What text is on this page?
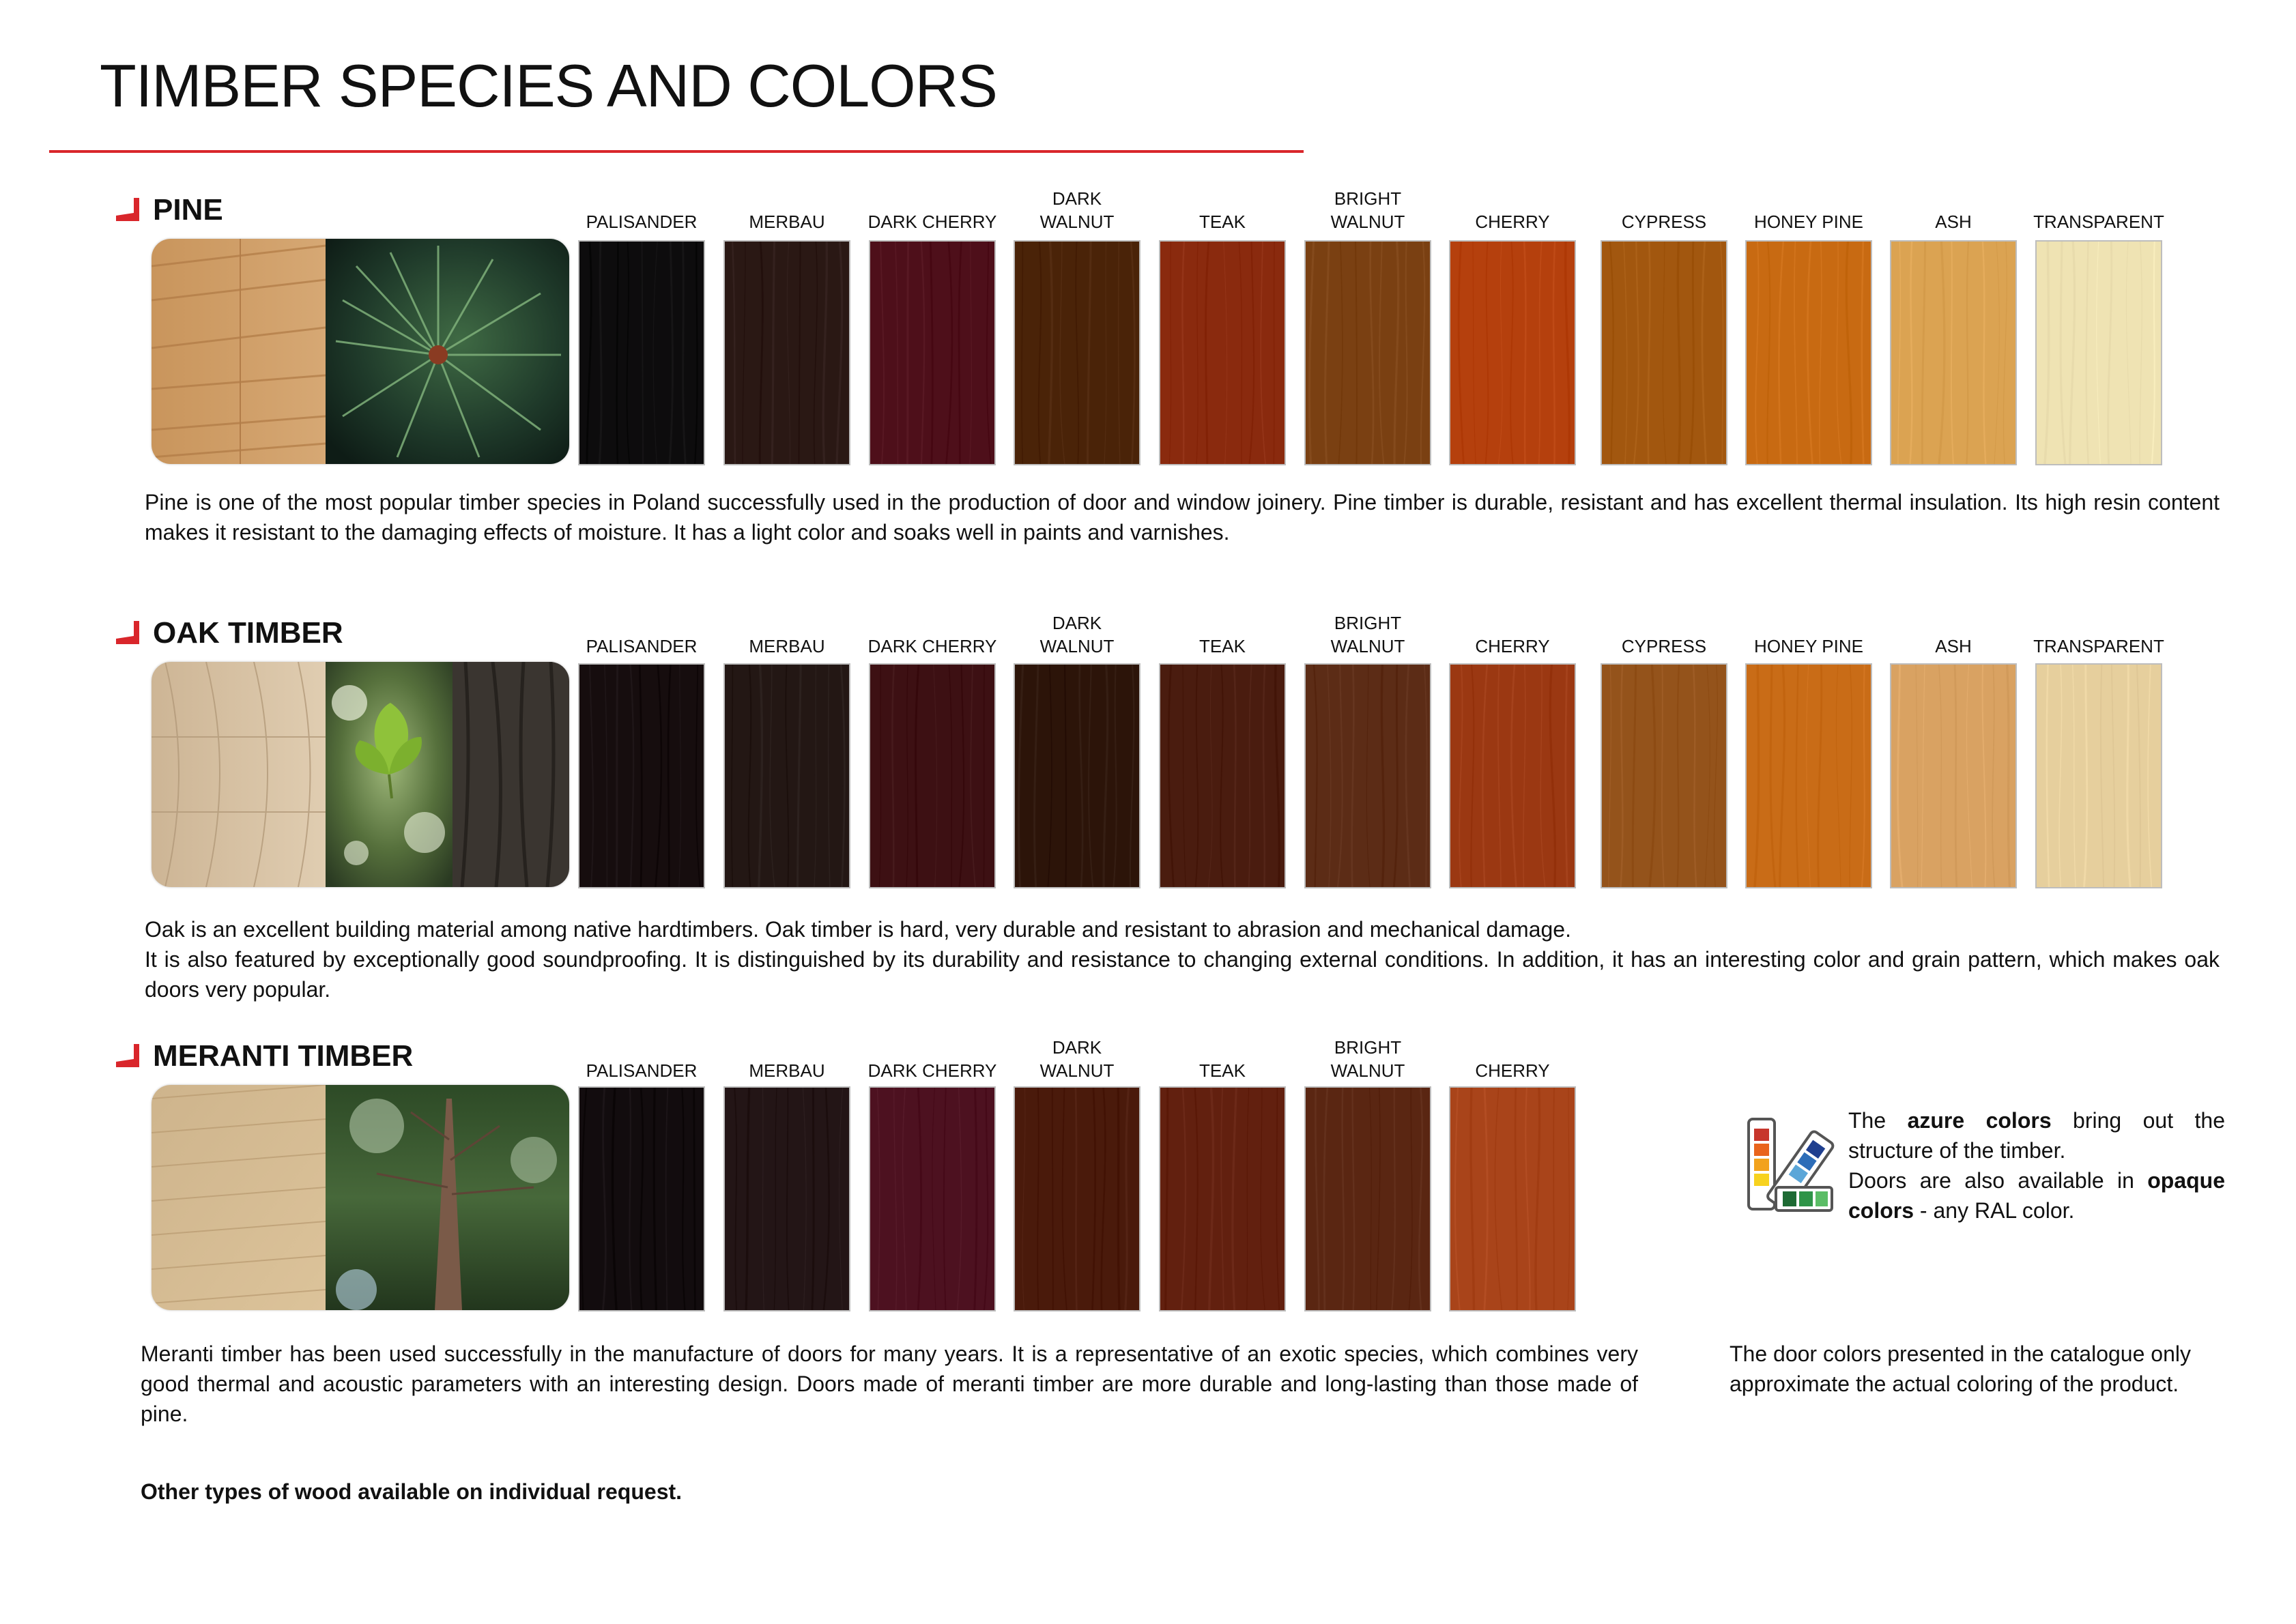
TIMBER SPECIES AND COLORS
PINE	PALISANDER	MERBAU	DARK CHERRY
DARK WALNUT	TEAK
BRIGHT WALNUT	CHERRY	CYPRESS	HONEY PINE	ASH	TRANSPARENT

Pine is one of the most popular timber species in Poland successfully used in the production of door and window joinery. Pine timber is durable, resistant and has excellent thermal insulation. Its high resin content makes it resistant to the damaging effects of moisture. It has a light color and soaks well in paints and varnishes.

OAK TIMBER	PALISANDER	MERBAU	DARK CHERRY
DARK WALNUT	TEAK
BRIGHT WALNUT	CHERRY	CYPRESS	HONEY PINE	ASH	TRANSPARENT

Oak is an excellent building material among native hardtimbers. Oak timber is hard, very durable and resistant to abrasion and mechanical damage.

It is also featured by exceptionally good soundproofing. It is distinguished by its durability and resistance to changing external conditions. In addition, it has an interesting color and grain pattern, which makes oak doors very popular.

MERANTI TIMBER	PALISANDER	MERBAU	DARK CHERRY
DARK WALNUT	TEAK
BRIGHT WALNUT	CHERRY

Meranti timber has been used successfully in the manufacture of doors for many years. It is a representative of an exotic species, which combines very good thermal and acoustic parameters with an interesting design. Doors made of meranti timber are more durable and long-lasting than those made of pine.

The azure colors bring out the structure of the timber.
Doors are also available in opaque colors - any RAL color.
The door colors presented in the catalogue only approximate the actual coloring of the product.
Other types of wood available on individual request.
